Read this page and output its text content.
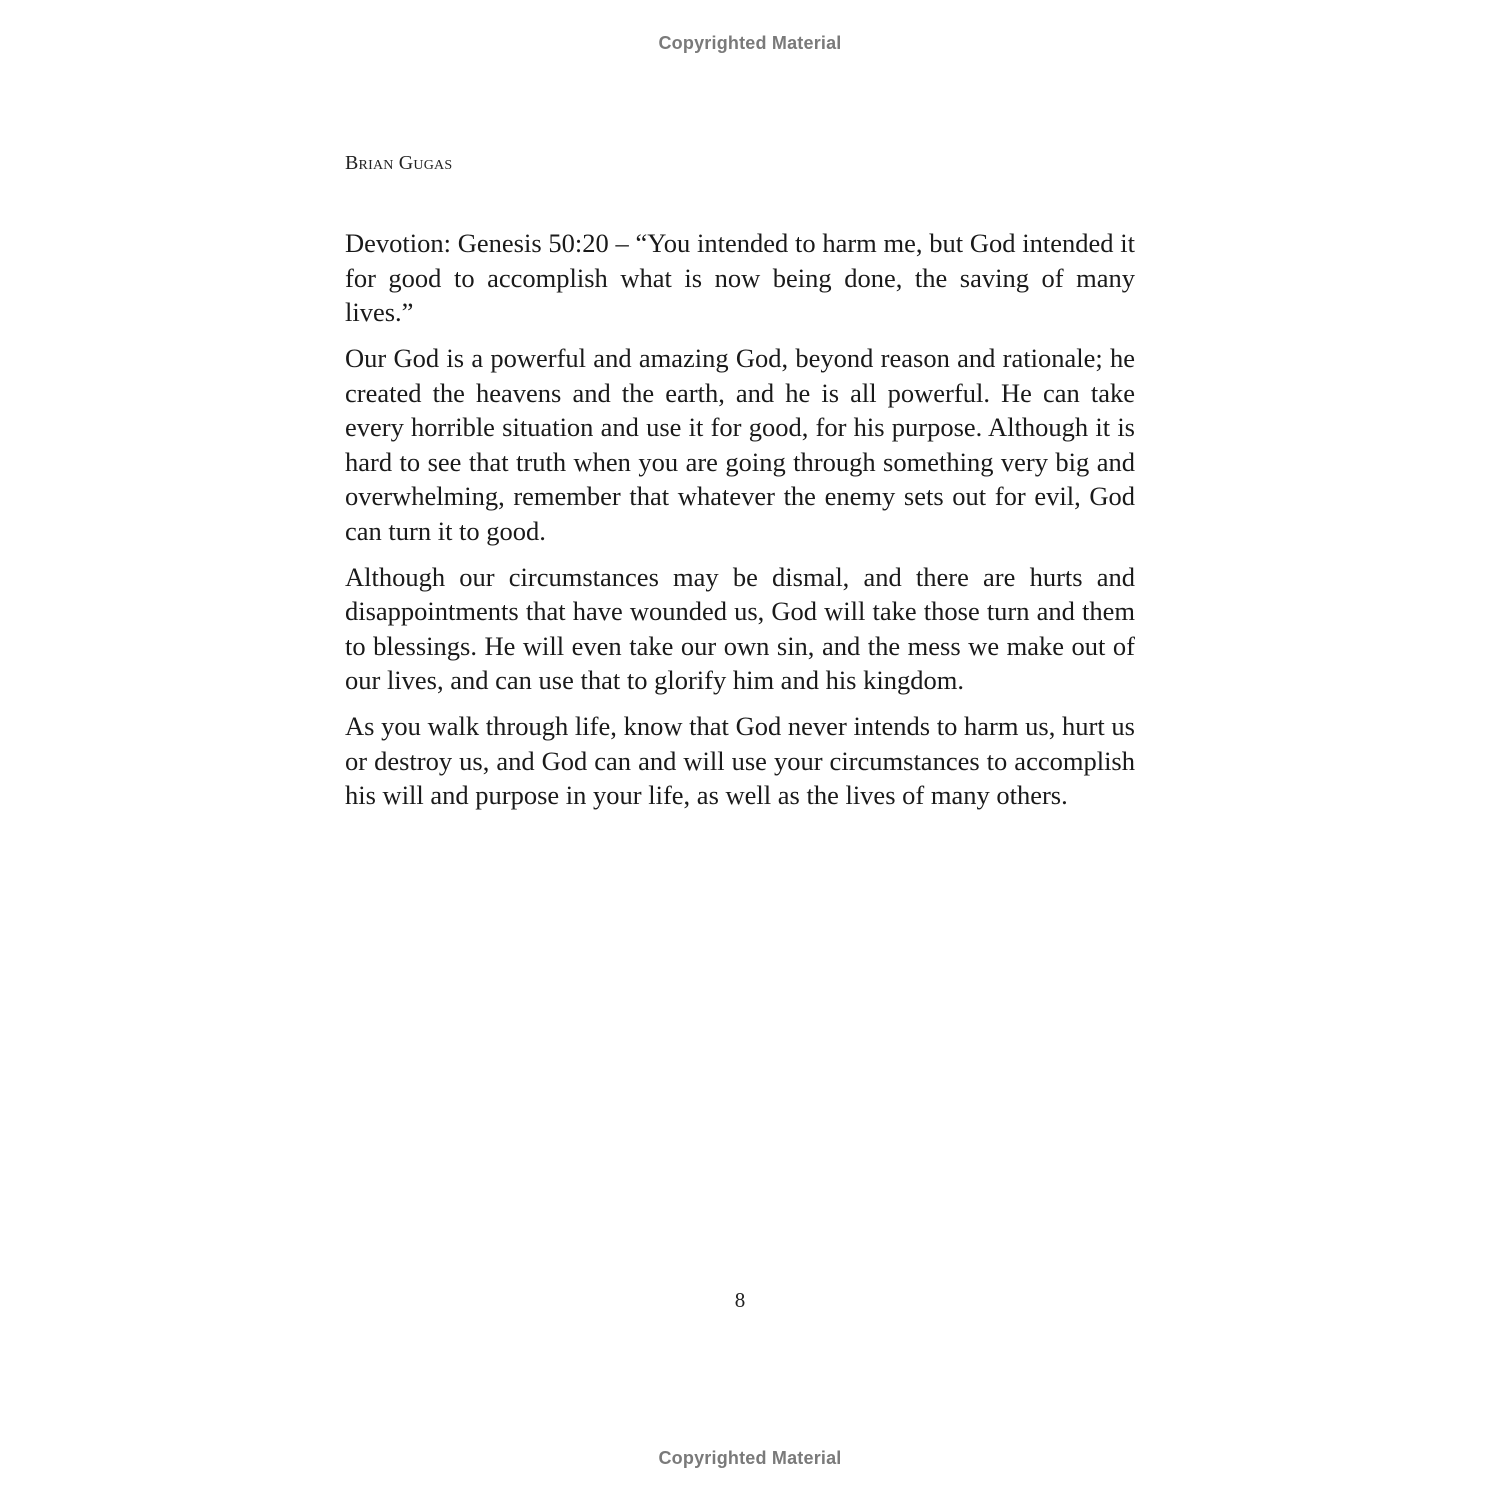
Copyrighted Material
Brian Gugas

Devotion: Genesis 50:20 – “You intended to harm me, but God intended it for good to accomplish what is now being done, the saving of many lives.”

Our God is a powerful and amazing God, beyond reason and rationale; he created the heavens and the earth, and he is all powerful. He can take every horrible situation and use it for good, for his purpose. Although it is hard to see that truth when you are going through something very big and overwhelming, remember that whatever the enemy sets out for evil, God can turn it to good.

Although our circumstances may be dismal, and there are hurts and disappointments that have wounded us, God will take those turn and them to blessings. He will even take our own sin, and the mess we make out of our lives, and can use that to glorify him and his kingdom.

As you walk through life, know that God never intends to harm us, hurt us or destroy us, and God can and will use your circumstances to accomplish his will and purpose in your life, as well as the lives of many others.

8
Copyrighted Material
